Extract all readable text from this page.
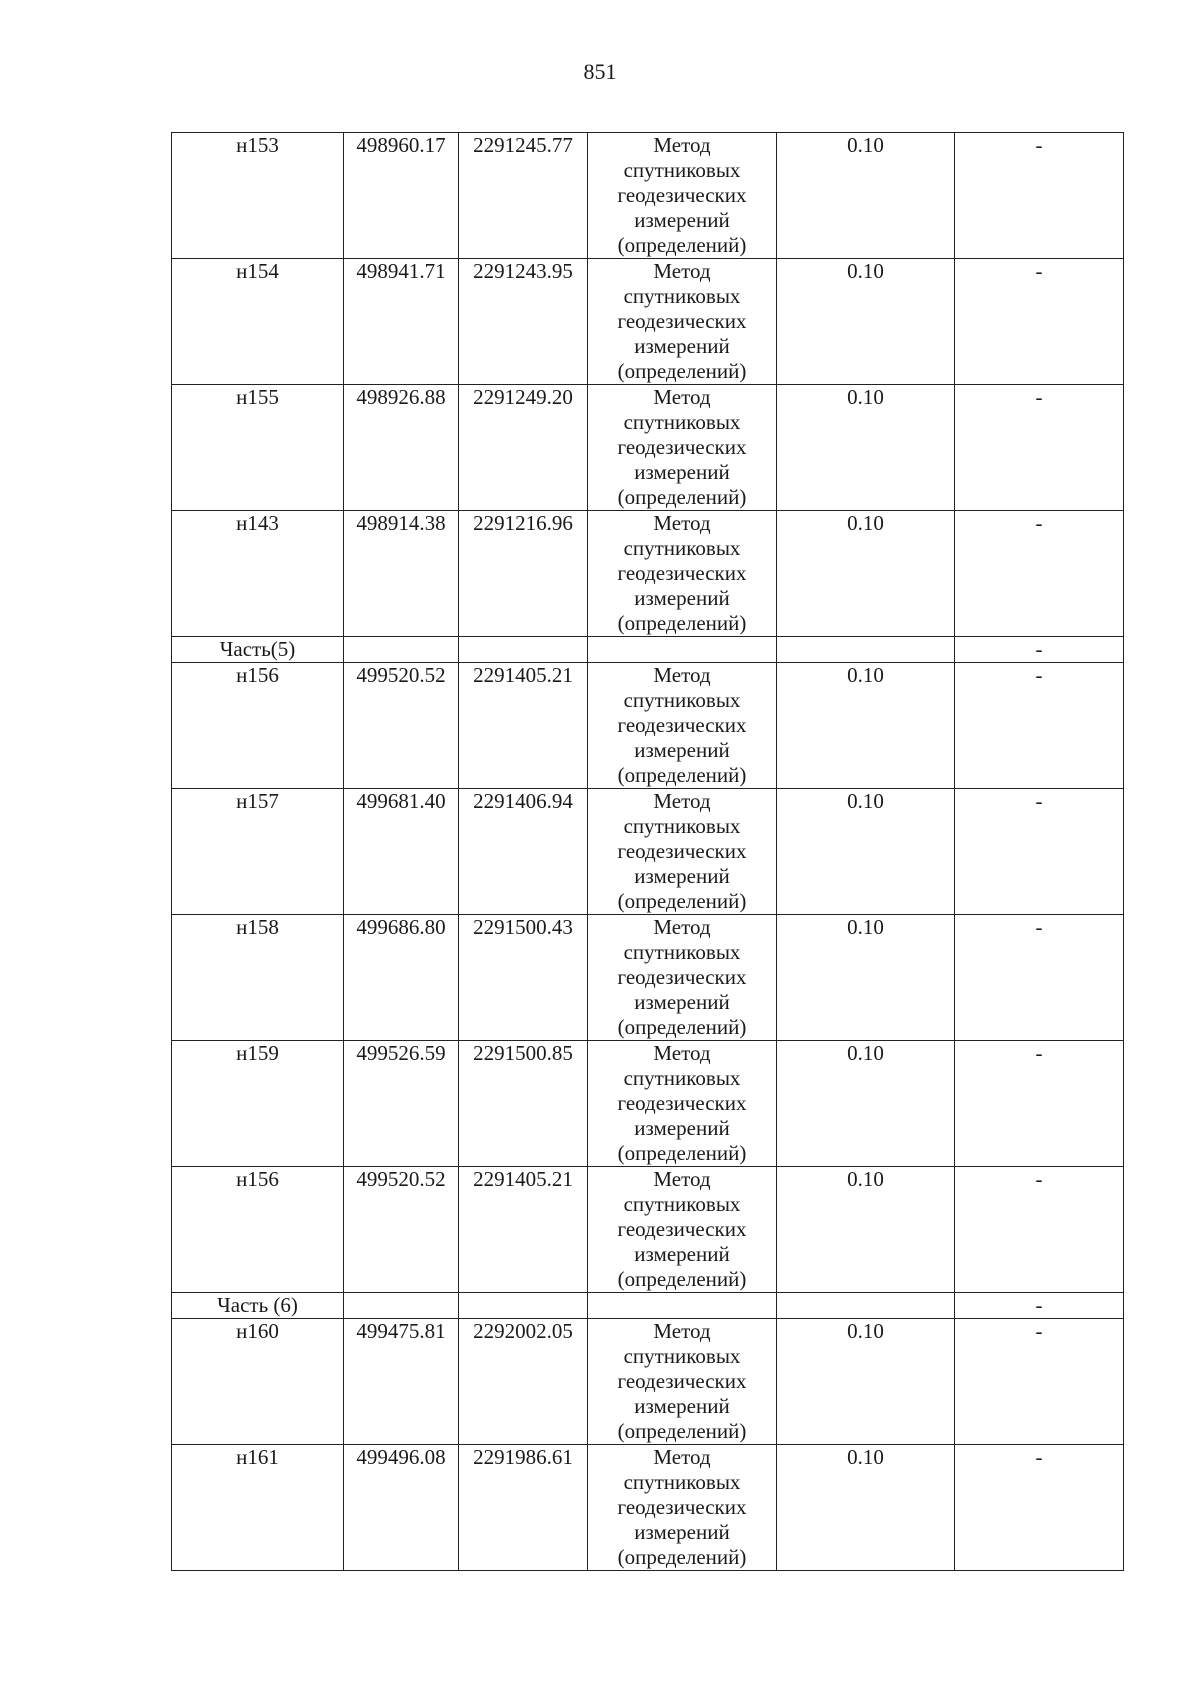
851
н153	498960.17	2291245.77	Метод
спутниковых
геодезических
измерений
(определений)	0.10	-
н154	498941.71	2291243.95	Метод
спутниковых
геодезических
измерений
(определений)	0.10	-
н155	498926.88	2291249.20	Метод
спутниковых
геодезических
измерений
(определений)	0.10	-
н143	498914.38	2291216.96	Метод
спутниковых
геодезических
измерений
(определений)	0.10	-
Часть(5)					-
н156	499520.52	2291405.21	Метод
спутниковых
геодезических
измерений
(определений)	0.10	-
н157	499681.40	2291406.94	Метод
спутниковых
геодезических
измерений
(определений)	0.10	-
н158	499686.80	2291500.43	Метод
спутниковых
геодезических
измерений
(определений)	0.10	-
н159	499526.59	2291500.85	Метод
спутниковых
геодезических
измерений
(определений)	0.10	-
н156	499520.52	2291405.21	Метод
спутниковых
геодезических
измерений
(определений)	0.10	-
Часть (6)					-
н160	499475.81	2292002.05	Метод
спутниковых
геодезических
измерений
(определений)	0.10	-
н161	499496.08	2291986.61	Метод
спутниковых
геодезических
измерений
(определений)	0.10	-
